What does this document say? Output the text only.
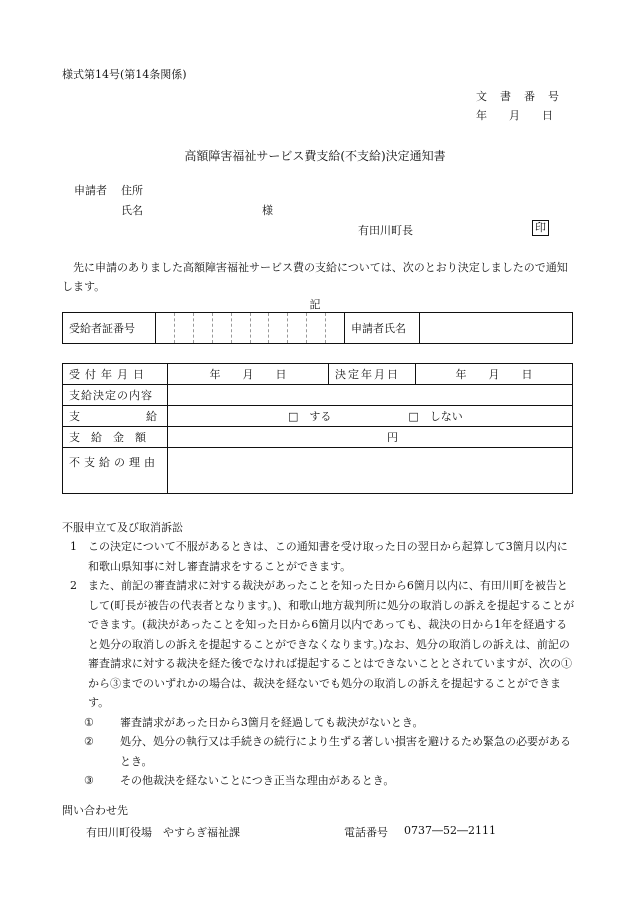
様式第14号(第14条関係)
文　書　番　号
年　　月　　日
高額障害福祉サービス費支給(不支給)決定通知書
申請者 住所
氏名	様
有田川町長	印
先に申請のありました高額障害福祉サービス費の支給については、次のとおり決定しましたので通知します。
記
受給者証番号		申請者氏名	
受付年月日	年　　月　　日	決定年月日	年　　月　　日
支給決定の内容			
支　　　　　　給	□　する □　しない		
支　給　金　額	円		
不支給の理由			
不服申立て及び取消訴訟
1 この決定について不服があるときは、この通知書を受け取った日の翌日から起算して3箇月以内に和歌山県知事に対し審査請求をすることができます。
2 また、前記の審査請求に対する裁決があったことを知った日から6箇月以内に、有田川町を被告として(町長が被告の代表者となります。)、和歌山地方裁判所に処分の取消しの訴えを提起することができます。(裁決があったことを知った日から6箇月以内であっても、裁決の日から1年を経過すると処分の取消しの訴えを提起することができなくなります。)なお、処分の取消しの訴えは、前記の審査請求に対する裁決を経た後でなければ提起することはできないこととされていますが、次の①から③までのいずれかの場合は、裁決を経ないでも処分の取消しの訴えを提起することができます。
① 審査請求があった日から3箇月を経過しても裁決がないとき。
② 処分、処分の執行又は手続きの続行により生ずる著しい損害を避けるため緊急の必要があるとき。
③ その他裁決を経ないことにつき正当な理由があるとき。
問い合わせ先
有田川町役場　やすらぎ福祉課	電話番号 0737―52―2111
